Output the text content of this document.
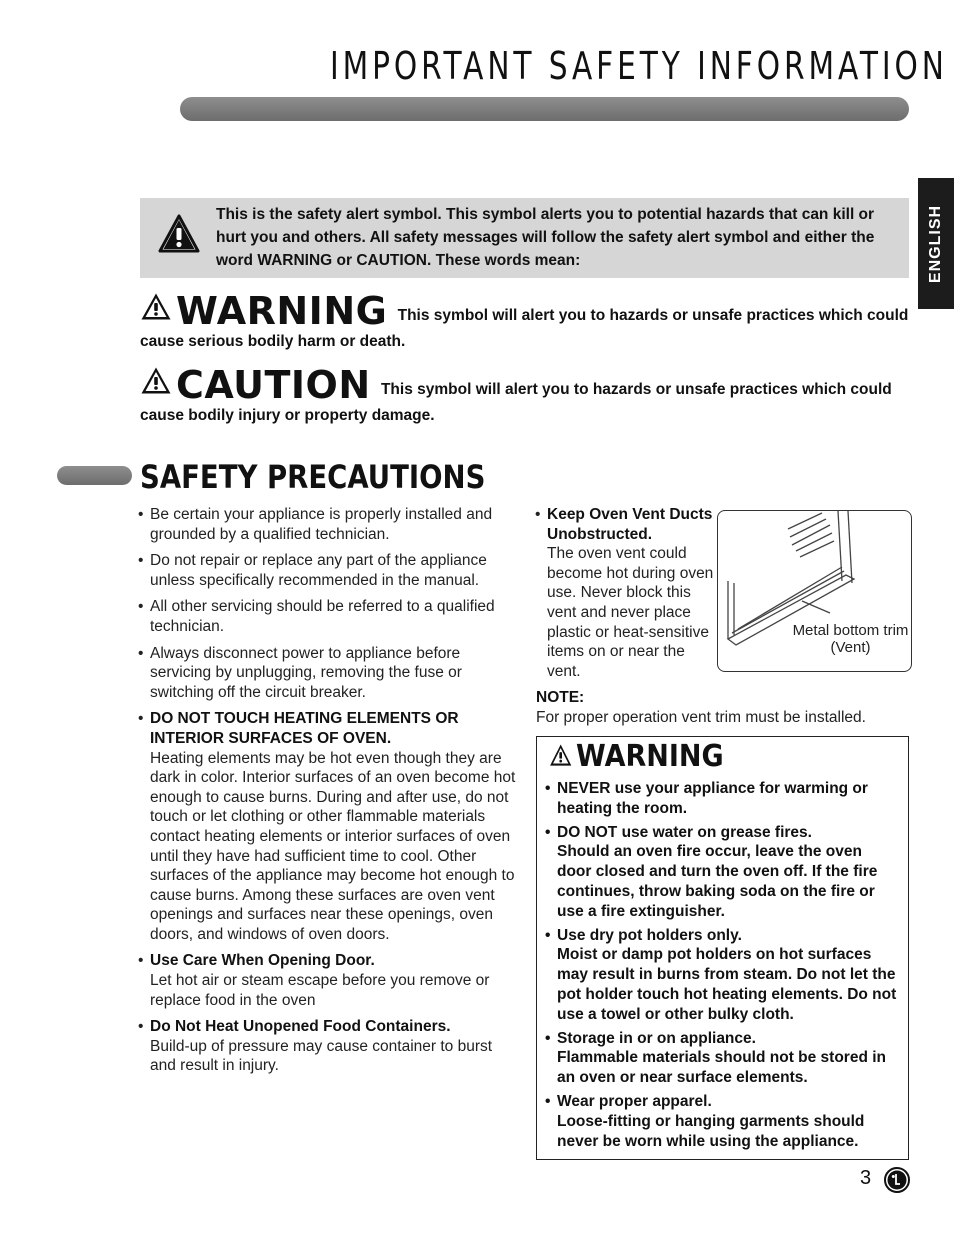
IMPORTANT SAFETY INFORMATION
ENGLISH
This is the safety alert symbol. This symbol alerts you to potential hazards that can kill or hurt you and others. All safety messages will follow the safety alert symbol and either the word WARNING or CAUTION. These words mean:
WARNING This symbol will alert you to hazards or unsafe practices which could cause serious bodily harm or death.
CAUTION This symbol will alert you to hazards or unsafe practices which could cause bodily injury or property damage.
SAFETY PRECAUTIONS
• Be certain your appliance is properly installed and grounded by a qualified technician.
• Do not repair or replace any part of the appliance unless specifically recommended in the manual.
• All other servicing should be referred to a qualified technician.
• Always disconnect power to appliance before servicing by unplugging, removing the fuse or switching off the circuit breaker.
• DO NOT TOUCH HEATING ELEMENTS OR INTERIOR SURFACES OF OVEN.
Heating elements may be hot even though they are dark in color. Interior surfaces of an oven become hot enough to cause burns. During and after use, do not touch or let clothing or other flammable materials contact heating elements or interior surfaces of oven until they have had sufficient time to cool. Other surfaces of the appliance may become hot enough to cause burns. Among these surfaces are oven vent openings and surfaces near these openings, oven doors, and windows of oven doors.
• Use Care When Opening Door.
Let hot air or steam escape before you remove or replace food in the oven
• Do Not Heat Unopened Food Containers.
Build-up of pressure may cause container to burst and result in injury.
• Keep Oven Vent Ducts Unobstructed.
The oven vent could become hot during oven use. Never block this vent and never place plastic or heat-sensitive items on or near the vent.
Metal bottom trim (Vent)
NOTE:
For proper operation vent trim must be installed.
WARNING
• NEVER use your appliance for warming or heating the room.
• DO NOT use water on grease fires.
Should an oven fire occur, leave the oven door closed and turn the oven off. If the fire continues, throw baking soda on the fire or use a fire extinguisher.
• Use dry pot holders only.
Moist or damp pot holders on hot surfaces may result in burns from steam. Do not let the pot holder touch hot heating elements. Do not use a towel or other bulky cloth.
• Storage in or on appliance.
Flammable materials should not be stored in an oven or near surface elements.
• Wear proper apparel.
Loose-fitting or hanging garments should never be worn while using the appliance.
3
